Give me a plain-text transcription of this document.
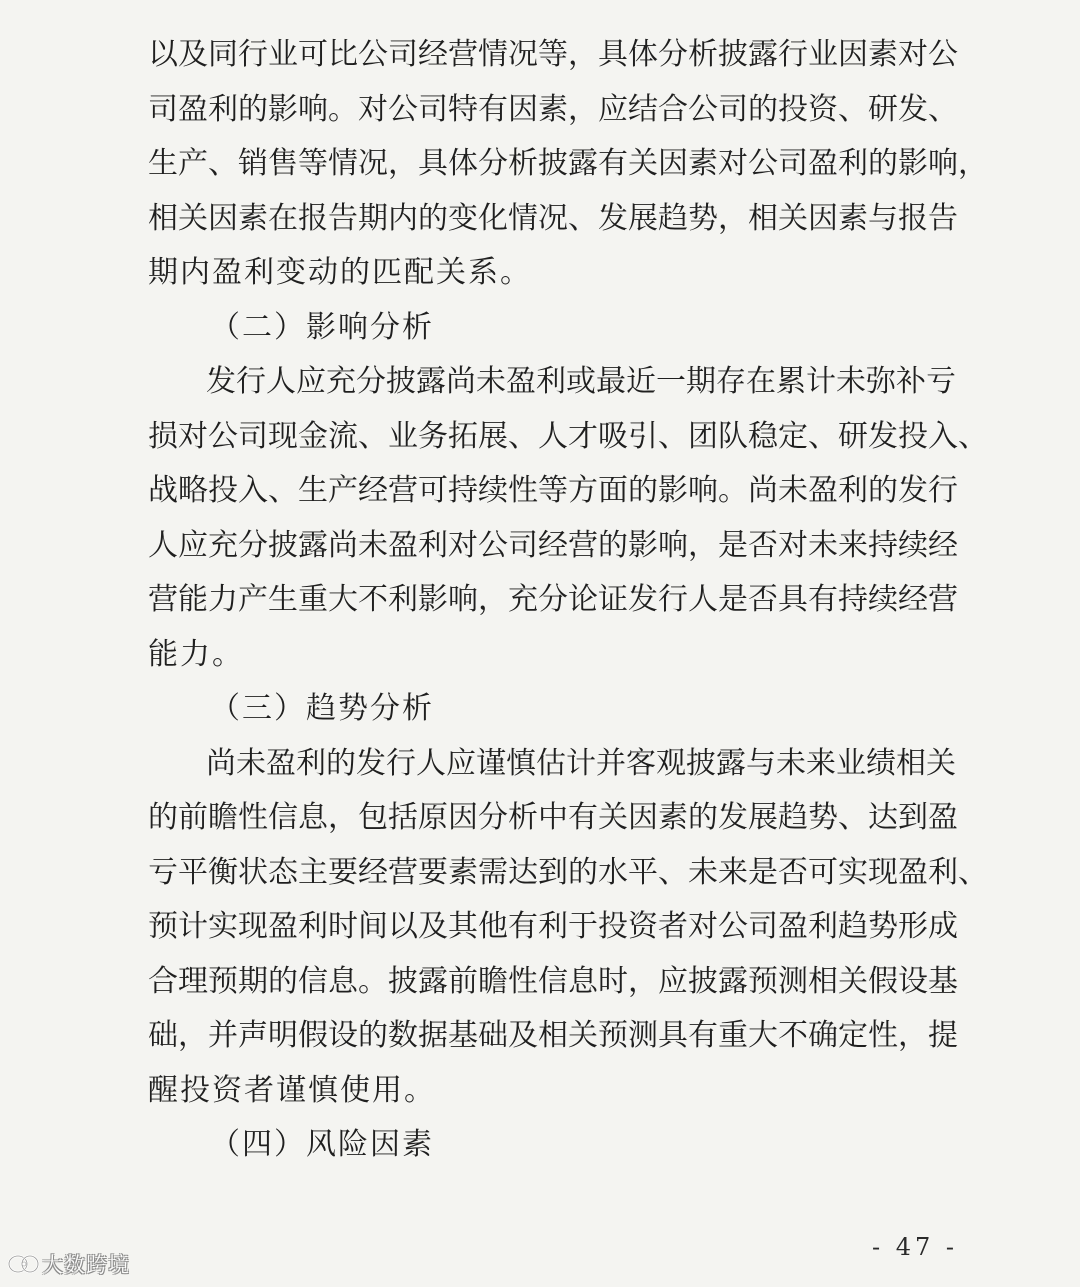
以及同行业可比公司经营情况等，具体分析披露行业因素对公
司盈利的影响。对公司特有因素，应结合公司的投资、研发、
生产、销售等情况，具体分析披露有关因素对公司盈利的影响，
相关因素在报告期内的变化情况、发展趋势，相关因素与报告
期内盈利变动的匹配关系。
（二）影响分析
发行人应充分披露尚未盈利或最近一期存在累计未弥补亏
损对公司现金流、业务拓展、人才吸引、团队稳定、研发投入、
战略投入、生产经营可持续性等方面的影响。尚未盈利的发行
人应充分披露尚未盈利对公司经营的影响，是否对未来持续经
营能力产生重大不利影响，充分论证发行人是否具有持续经营
能力。
（三）趋势分析
尚未盈利的发行人应谨慎估计并客观披露与未来业绩相关
的前瞻性信息，包括原因分析中有关因素的发展趋势、达到盈
亏平衡状态主要经营要素需达到的水平、未来是否可实现盈利、
预计实现盈利时间以及其他有利于投资者对公司盈利趋势形成
合理预期的信息。披露前瞻性信息时，应披露预测相关假设基
础，并声明假设的数据基础及相关预测具有重大不确定性，提
醒投资者谨慎使用。
（四）风险因素
- 47 -
大数跨境
